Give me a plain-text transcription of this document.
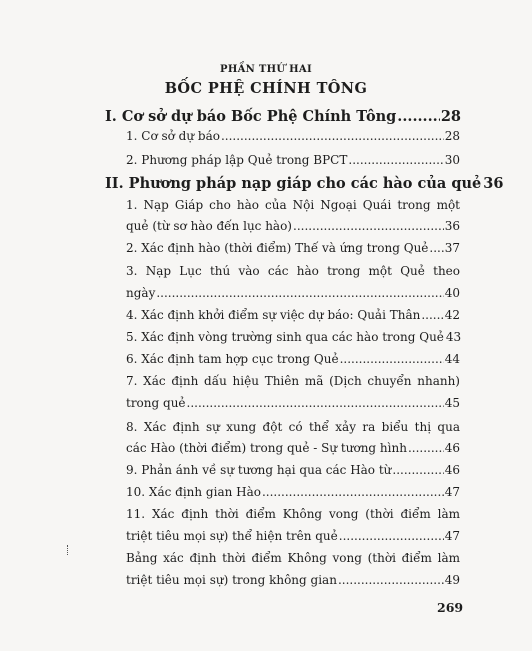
PHẦN THỨ HAI
BỐC PHỆ CHÍNH TÔNG
I. Cơ sở dự báo Bốc Phệ Chính Tông .....	28
1. Cơ sở dự báo .....	28
2. Phương pháp lập Quẻ trong BPCT .....	30
II. Phương pháp nạp giáp cho các hào của quẻ 36
1. Nạp Giáp cho hào của Nội Ngoại Quái trong một
quẻ (từ sơ hào đến lục hào) .....	36
2. Xác định hào (thời điểm) Thế và ứng trong Quẻ ..... 37
3. Nạp Lục thú vào các hào trong một Quẻ theo
ngày .....	40
4. Xác định khởi điểm sự việc dự báo: Quải Thân ..... 42
5. Xác định vòng trường sinh qua các hào trong Quẻ 43
6. Xác định tam hợp cục trong Quẻ .....	44
7. Xác định dấu hiệu Thiên mã (Dịch chuyển nhanh)
trong quẻ .....	45
8. Xác định sự xung đột có thể xảy ra biểu thị qua
các Hào (thời điểm) trong quẻ - Sự tương hình .....	46
9. Phản ánh về sự tương hại qua các Hào từ .....	46
10. Xác định gian Hào .....	47
11. Xác định thời điểm Không vong (thời điểm làm
triệt tiêu mọi sự) thể hiện trên quẻ .....	47
Bảng xác định thời điểm Không vong (thời điểm làm
triệt tiêu mọi sự) trong không gian .....	49
269
